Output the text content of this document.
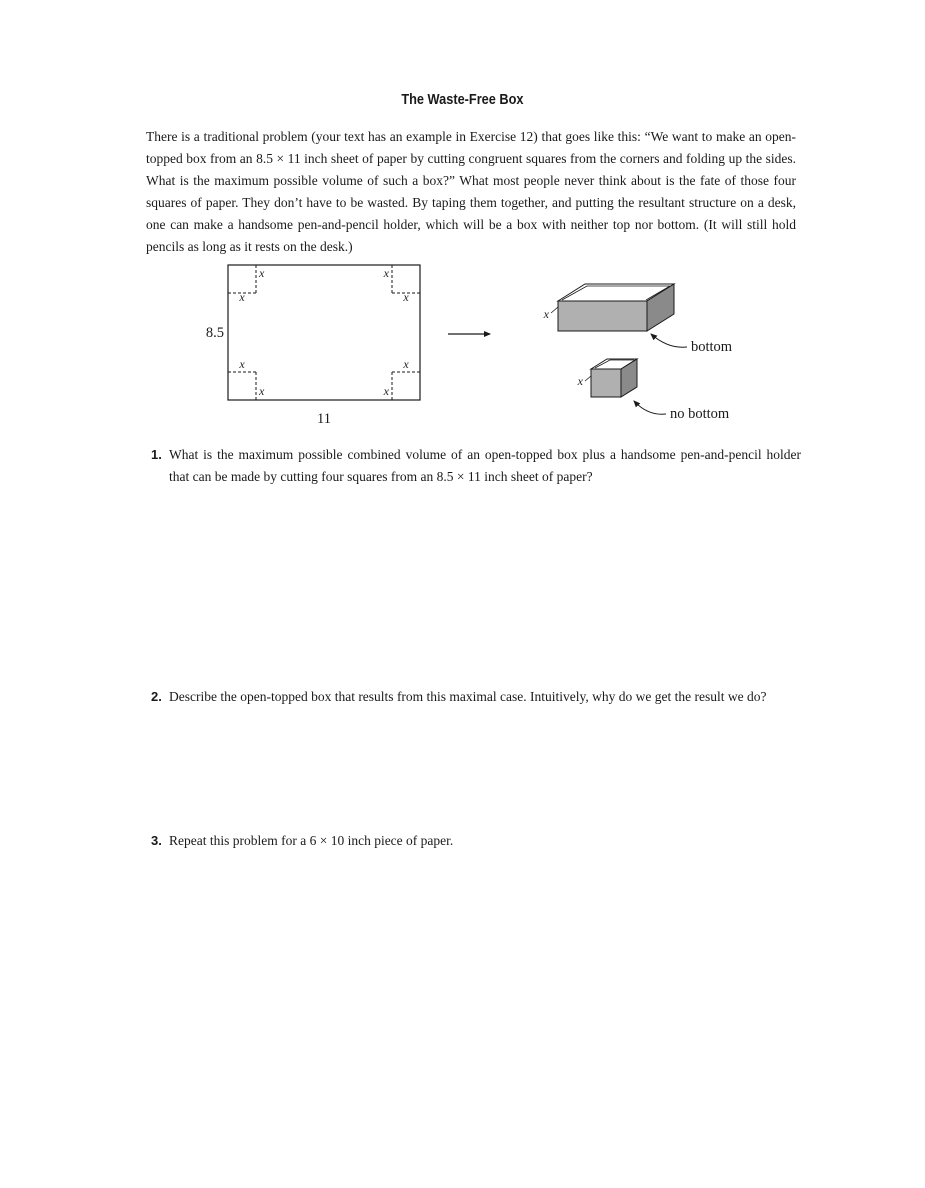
The Waste-Free Box

There is a traditional problem (your text has an example in Exercise 12) that goes like this: “We want to make an open-topped box from an 8.5 × 11 inch sheet of paper by cutting congruent squares from the corners and folding up the sides. What is the maximum possible volume of such a box?” What most people never think about is the fate of those four squares of paper. They don’t have to be wasted. By taping them together, and putting the resultant structure on a desk, one can make a handsome pen-and-pencil holder, which will be a box with neither top nor bottom. (It will still hold pencils as long as it rests on the desk.)

x
x
x
x
x
x
x
x
8.5
11
x
bottom
x
no bottom
1. What is the maximum possible combined volume of an open-topped box plus a handsome pen-and-pencil holder that can be made by cutting four squares from an 8.5 × 11 inch sheet of paper?
2. Describe the open-topped box that results from this maximal case. Intuitively, why do we get the result we do?
3. Repeat this problem for a 6 × 10 inch piece of paper.
